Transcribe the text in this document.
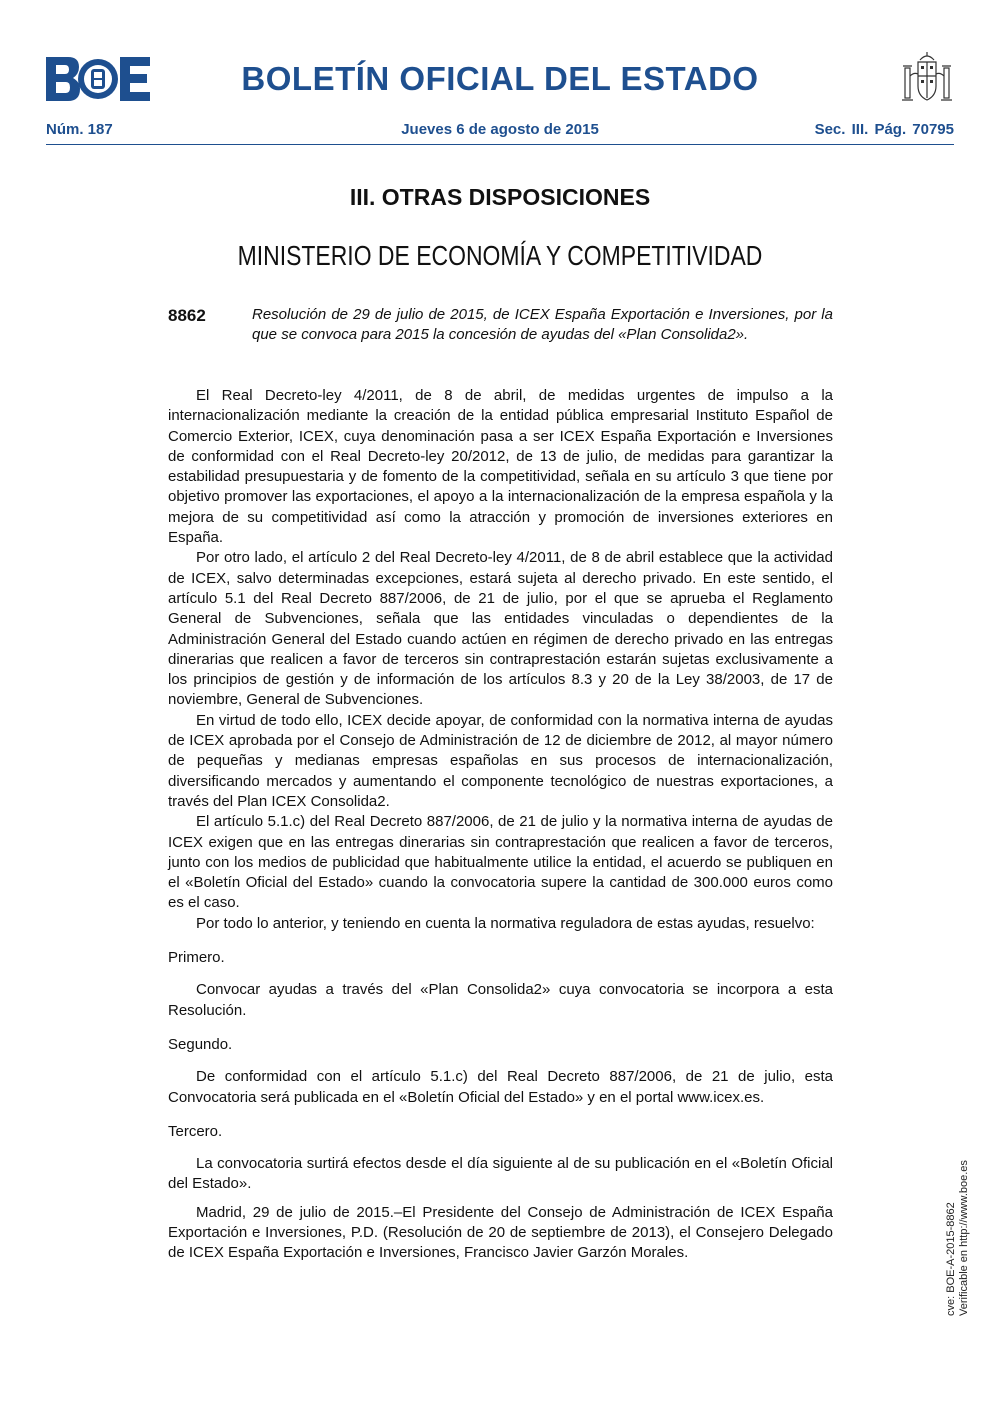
BOLETÍN OFICIAL DEL ESTADO
Núm. 187	Jueves 6 de agosto de 2015	Sec. III. Pág. 70795
III. OTRAS DISPOSICIONES
MINISTERIO DE ECONOMÍA Y COMPETITIVIDAD
8862	Resolución de 29 de julio de 2015, de ICEX España Exportación e Inversiones, por la que se convoca para 2015 la concesión de ayudas del «Plan Consolida2».

El Real Decreto-ley 4/2011, de 8 de abril, de medidas urgentes de impulso a la internacionalización mediante la creación de la entidad pública empresarial Instituto Español de Comercio Exterior, ICEX, cuya denominación pasa a ser ICEX España Exportación e Inversiones de conformidad con el Real Decreto-ley 20/2012, de 13 de julio, de medidas para garantizar la estabilidad presupuestaria y de fomento de la competitividad, señala en su artículo 3 que tiene por objetivo promover las exportaciones, el apoyo a la internacionalización de la empresa española y la mejora de su competitividad así como la atracción y promoción de inversiones exteriores en España.

Por otro lado, el artículo 2 del Real Decreto-ley 4/2011, de 8 de abril establece que la actividad de ICEX, salvo determinadas excepciones, estará sujeta al derecho privado. En este sentido, el artículo 5.1 del Real Decreto 887/2006, de 21 de julio, por el que se aprueba el Reglamento General de Subvenciones, señala que las entidades vinculadas o dependientes de la Administración General del Estado cuando actúen en régimen de derecho privado en las entregas dinerarias que realicen a favor de terceros sin contraprestación estarán sujetas exclusivamente a los principios de gestión y de información de los artículos 8.3 y 20 de la Ley 38/2003, de 17 de noviembre, General de Subvenciones.

En virtud de todo ello, ICEX decide apoyar, de conformidad con la normativa interna de ayudas de ICEX aprobada por el Consejo de Administración de 12 de diciembre de 2012, al mayor número de pequeñas y medianas empresas españolas en sus procesos de internacionalización, diversificando mercados y aumentando el componente tecnológico de nuestras exportaciones, a través del Plan ICEX Consolida2.

El artículo 5.1.c) del Real Decreto 887/2006, de 21 de julio y la normativa interna de ayudas de ICEX exigen que en las entregas dinerarias sin contraprestación que realicen a favor de terceros, junto con los medios de publicidad que habitualmente utilice la entidad, el acuerdo se publiquen en el «Boletín Oficial del Estado» cuando la convocatoria supere la cantidad de 300.000 euros como es el caso.

Por todo lo anterior, y teniendo en cuenta la normativa reguladora de estas ayudas, resuelvo:

Primero.

Convocar ayudas a través del «Plan Consolida2» cuya convocatoria se incorpora a esta Resolución.

Segundo.

De conformidad con el artículo 5.1.c) del Real Decreto 887/2006, de 21 de julio, esta Convocatoria será publicada en el «Boletín Oficial del Estado» y en el portal www.icex.es.

Tercero.

La convocatoria surtirá efectos desde el día siguiente al de su publicación en el «Boletín Oficial del Estado».

Madrid, 29 de julio de 2015.–El Presidente del Consejo de Administración de ICEX España Exportación e Inversiones, P.D. (Resolución de 20 de septiembre de 2013), el Consejero Delegado de ICEX España Exportación e Inversiones, Francisco Javier Garzón Morales.	cve: BOE-A-2015-8862 Verificable en http://www.boe.es
